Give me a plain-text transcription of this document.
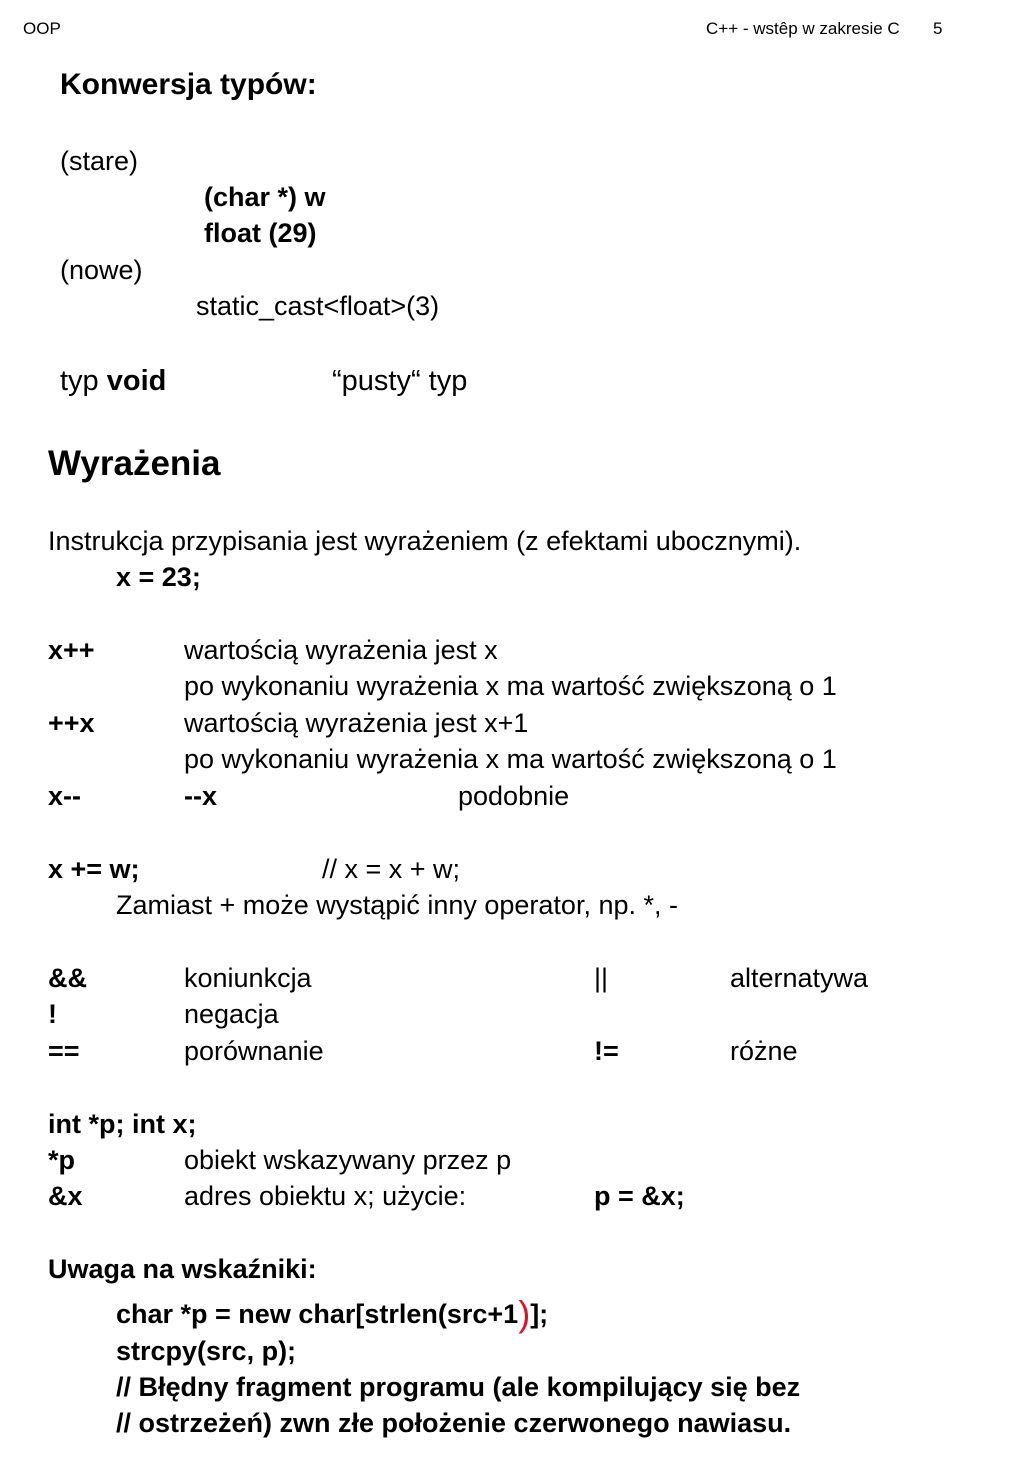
OOP	C++ - wstêp w zakresie C 5
Konwersja typów:
(stare)
(char *) w
float (29)
(nowe)
static_cast<float>(3)
typ void	“pusty“ typ
Wyrażenia
Instrukcja przypisania jest wyrażeniem (z efektami ubocznymi).
x = 23;
x++	wartością wyrażenia jest x
po wykonaniu wyrażenia x ma wartość zwiększoną o 1
++x	wartością wyrażenia jest x+1
po wykonaniu wyrażenia x ma wartość zwiększoną o 1
x--	--x	podobnie
x += w;	// x = x + w;
Zamiast + może wystąpić inny operator, np. *, -
&&	koniunkcja	||	alternatywa
!	negacja
==	porównanie	!=	różne
int *p; int x;
*p	obiekt wskazywany przez p
&x	adres obiektu x; użycie:	p = &x;
Uwaga na wskaźniki:
char *p = new char[strlen(src+1)];
strcpy(src, p);
// Błędny fragment programu (ale kompilujący się bez
// ostrzeżeń) zwn złe położenie czerwonego nawiasu.
